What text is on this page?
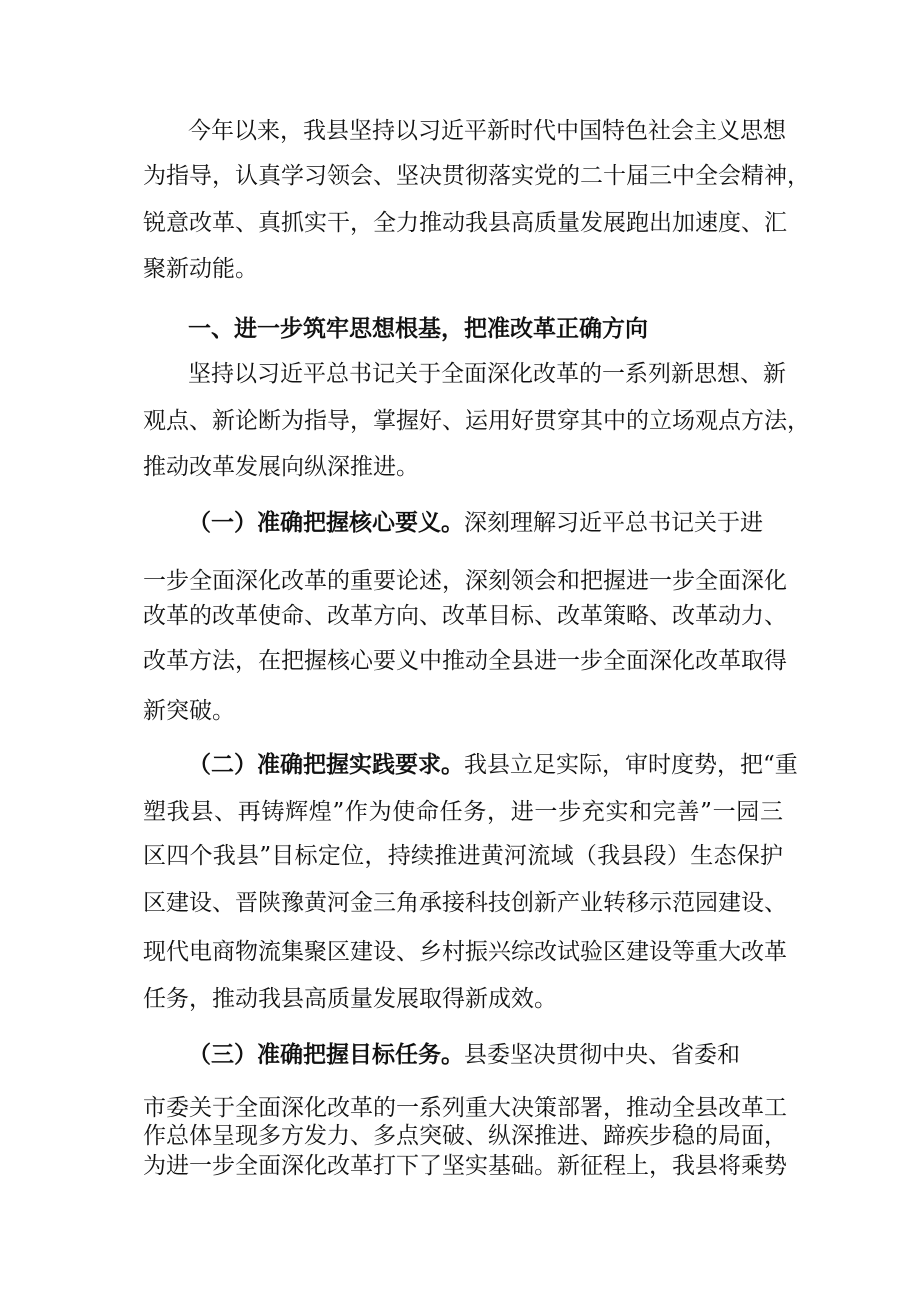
今年以来，我县坚持以习近平新时代中国特色社会主义思想
为指导，认真学习领会、坚决贯彻落实党的二十届三中全会精神，
锐意改革、真抓实干，全力推动我县高质量发展跑出加速度、汇
聚新动能。
一、进一步筑牢思想根基，把准改革正确方向
坚持以习近平总书记关于全面深化改革的一系列新思想、新
观点、新论断为指导，掌握好、运用好贯穿其中的立场观点方法，
推动改革发展向纵深推进。
（一）准确把握核心要义。深刻理解习近平总书记关于进
一步全面深化改革的重要论述，深刻领会和把握进一步全面深化
改革的改革使命、改革方向、改革目标、改革策略、改革动力、
改革方法，在把握核心要义中推动全县进一步全面深化改革取得
新突破。
（二）准确把握实践要求。我县立足实际，审时度势，把“重
塑我县、再铸辉煌”作为使命任务，进一步充实和完善”一园三
区四个我县”目标定位，持续推进黄河流域（我县段）生态保护
区建设、晋陕豫黄河金三角承接科技创新产业转移示范园建设、
现代电商物流集聚区建设、乡村振兴综改试验区建设等重大改革
任务，推动我县高质量发展取得新成效。
（三）准确把握目标任务。县委坚决贯彻中央、省委和
市委关于全面深化改革的一系列重大决策部署，推动全县改革工
作总体呈现多方发力、多点突破、纵深推进、蹄疾步稳的局面，
为进一步全面深化改革打下了坚实基础。新征程上，我县将乘势
